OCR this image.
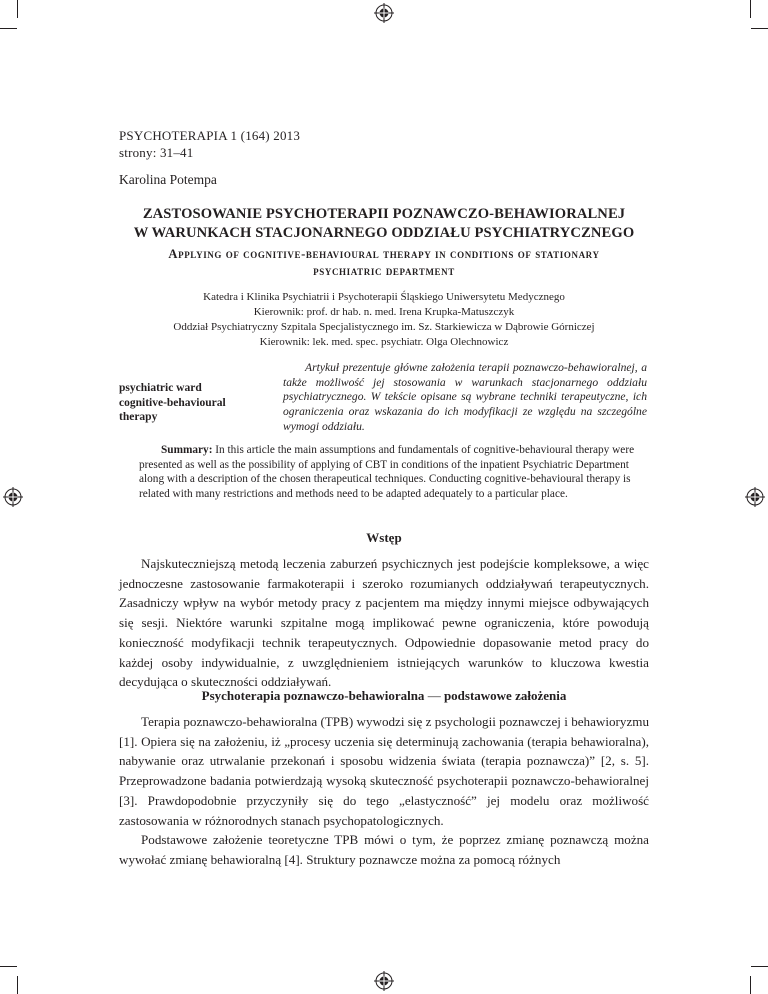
PSYCHOTERAPIA 1 (164) 2013
strony: 31–41
Karolina Potempa
ZASTOSOWANIE PSYCHOTERAPII POZNAWCZO-BEHAWIORALNEJ
W WARUNKACH STACJONARNEGO ODDZIAŁU PSYCHIATRYCZNEGO
Applying of cognitive-behavioural therapy in conditions of stationary
psychiatric department
Katedra i Klinika Psychiatrii i Psychoterapii Śląskiego Uniwersytetu Medycznego
Kierownik: prof. dr hab. n. med. Irena Krupka-Matuszczyk
Oddział Psychiatryczny Szpitala Specjalistycznego im. Sz. Starkiewicza w Dąbrowie Górniczej
Kierownik: lek. med. spec. psychiatr. Olga Olechnowicz
psychiatric ward
cognitive-behavioural
therapy
Artykuł prezentuje główne założenia terapii poznawczo-behawioralnej, a także możliwość jej stosowania w warunkach stacjonarnego oddziału psychiatrycznego. W tekście opisane są wybrane techniki terapeutyczne, ich ograniczenia oraz wskazania do ich modyfikacji ze względu na szczególne wymogi oddziału.
Summary: In this article the main assumptions and fundamentals of cognitive-behavioural therapy were presented as well as the possibility of applying of CBT in conditions of the inpatient Psychiatric Department along with a description of the chosen therapeutical techniques. Conducting cognitive-behavioural therapy is related with many restrictions and methods need to be adapted adequately to a particular place.
Wstęp

Najskuteczniejszą metodą leczenia zaburzeń psychicznych jest podejście kompleksowe, a więc jednoczesne zastosowanie farmakoterapii i szeroko rozumianych oddziaływań terapeutycznych. Zasadniczy wpływ na wybór metody pracy z pacjentem ma między innymi miejsce odbywających się sesji. Niektóre warunki szpitalne mogą implikować pewne ograniczenia, które powodują konieczność modyfikacji technik terapeutycznych. Odpowiednie dopasowanie metod pracy do każdej osoby indywidualnie, z uwzględnieniem istniejących warunków to kluczowa kwestia decydująca o skuteczności oddziaływań.

Psychoterapia poznawczo-behawioralna — podstawowe założenia

Terapia poznawczo-behawioralna (TPB) wywodzi się z psychologii poznawczej i behawioryzmu [1]. Opiera się na założeniu, iż „procesy uczenia się determinują zachowania (terapia behawioralna), nabywanie oraz utrwalanie przekonań i sposobu widzenia świata (terapia poznawcza)” [2, s. 5]. Przeprowadzone badania potwierdzają wysoką skuteczność psychoterapii poznawczo-behawioralnej [3]. Prawdopodobnie przyczyniły się do tego „elastyczność” jej modelu oraz możliwość zastosowania w różnorodnych stanach psychopatologicznych.

Podstawowe założenie teoretyczne TPB mówi o tym, że poprzez zmianę poznawczą można wywołać zmianę behawioralną [4]. Struktury poznawcze można za pomocą różnych
